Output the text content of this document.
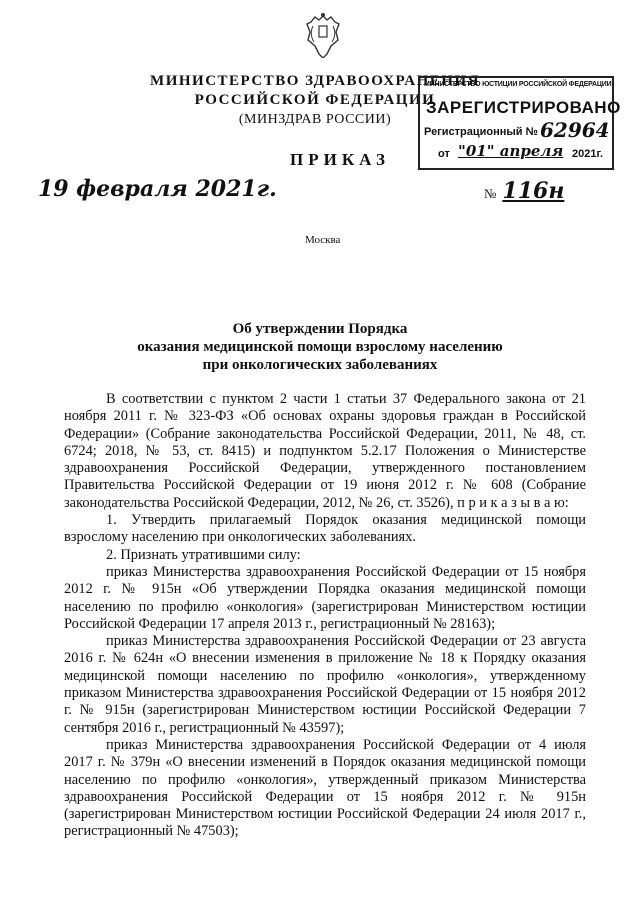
МИНИСТЕРСТВО ЗДРАВООХРАНЕНИЯ
РОССИЙСКОЙ ФЕДЕРАЦИИ
(МИНЗДРАВ РОССИИ)
МИНИСТЕРСТВО ЮСТИЦИИ РОССИЙСКОЙ ФЕДЕРАЦИИ
ЗАРЕГИСТРИРОВАНО
Регистрационный № 62964
от "01" апреля 2021г.
ПРИКАЗ
19 февраля 2021г.	№ 116н
Москва
Об утверждении Порядка
оказания медицинской помощи взрослому населению
при онкологических заболеваниях

В соответствии с пунктом 2 части 1 статьи 37 Федерального закона от 21 ноября 2011 г. № 323-ФЗ «Об основах охраны здоровья граждан в Российской Федерации» (Собрание законодательства Российской Федерации, 2011, № 48, ст. 6724; 2018, № 53, ст. 8415) и подпунктом 5.2.17 Положения о Министерстве здравоохранения Российской Федерации, утвержденного постановлением Правительства Российской Федерации от 19 июня 2012 г. № 608 (Собрание законодательства Российской Федерации, 2012, № 26, ст. 3526), п р и к а з ы в а ю:

1. Утвердить прилагаемый Порядок оказания медицинской помощи взрослому населению при онкологических заболеваниях.

2. Признать утратившими силу:

приказ Министерства здравоохранения Российской Федерации от 15 ноября 2012 г. № 915н «Об утверждении Порядка оказания медицинской помощи населению по профилю «онкология» (зарегистрирован Министерством юстиции Российской Федерации 17 апреля 2013 г., регистрационный № 28163);

приказ Министерства здравоохранения Российской Федерации от 23 августа 2016 г. № 624н «О внесении изменения в приложение № 18 к Порядку оказания медицинской помощи населению по профилю «онкология», утвержденному приказом Министерства здравоохранения Российской Федерации от 15 ноября 2012 г. № 915н (зарегистрирован Министерством юстиции Российской Федерации 7 сентября 2016 г., регистрационный № 43597);

приказ Министерства здравоохранения Российской Федерации от 4 июля 2017 г. № 379н «О внесении изменений в Порядок оказания медицинской помощи населению по профилю «онкология», утвержденный приказом Министерства здравоохранения Российской Федерации от 15 ноября 2012 г. № 915н (зарегистрирован Министерством юстиции Российской Федерации 24 июля 2017 г., регистрационный № 47503);
